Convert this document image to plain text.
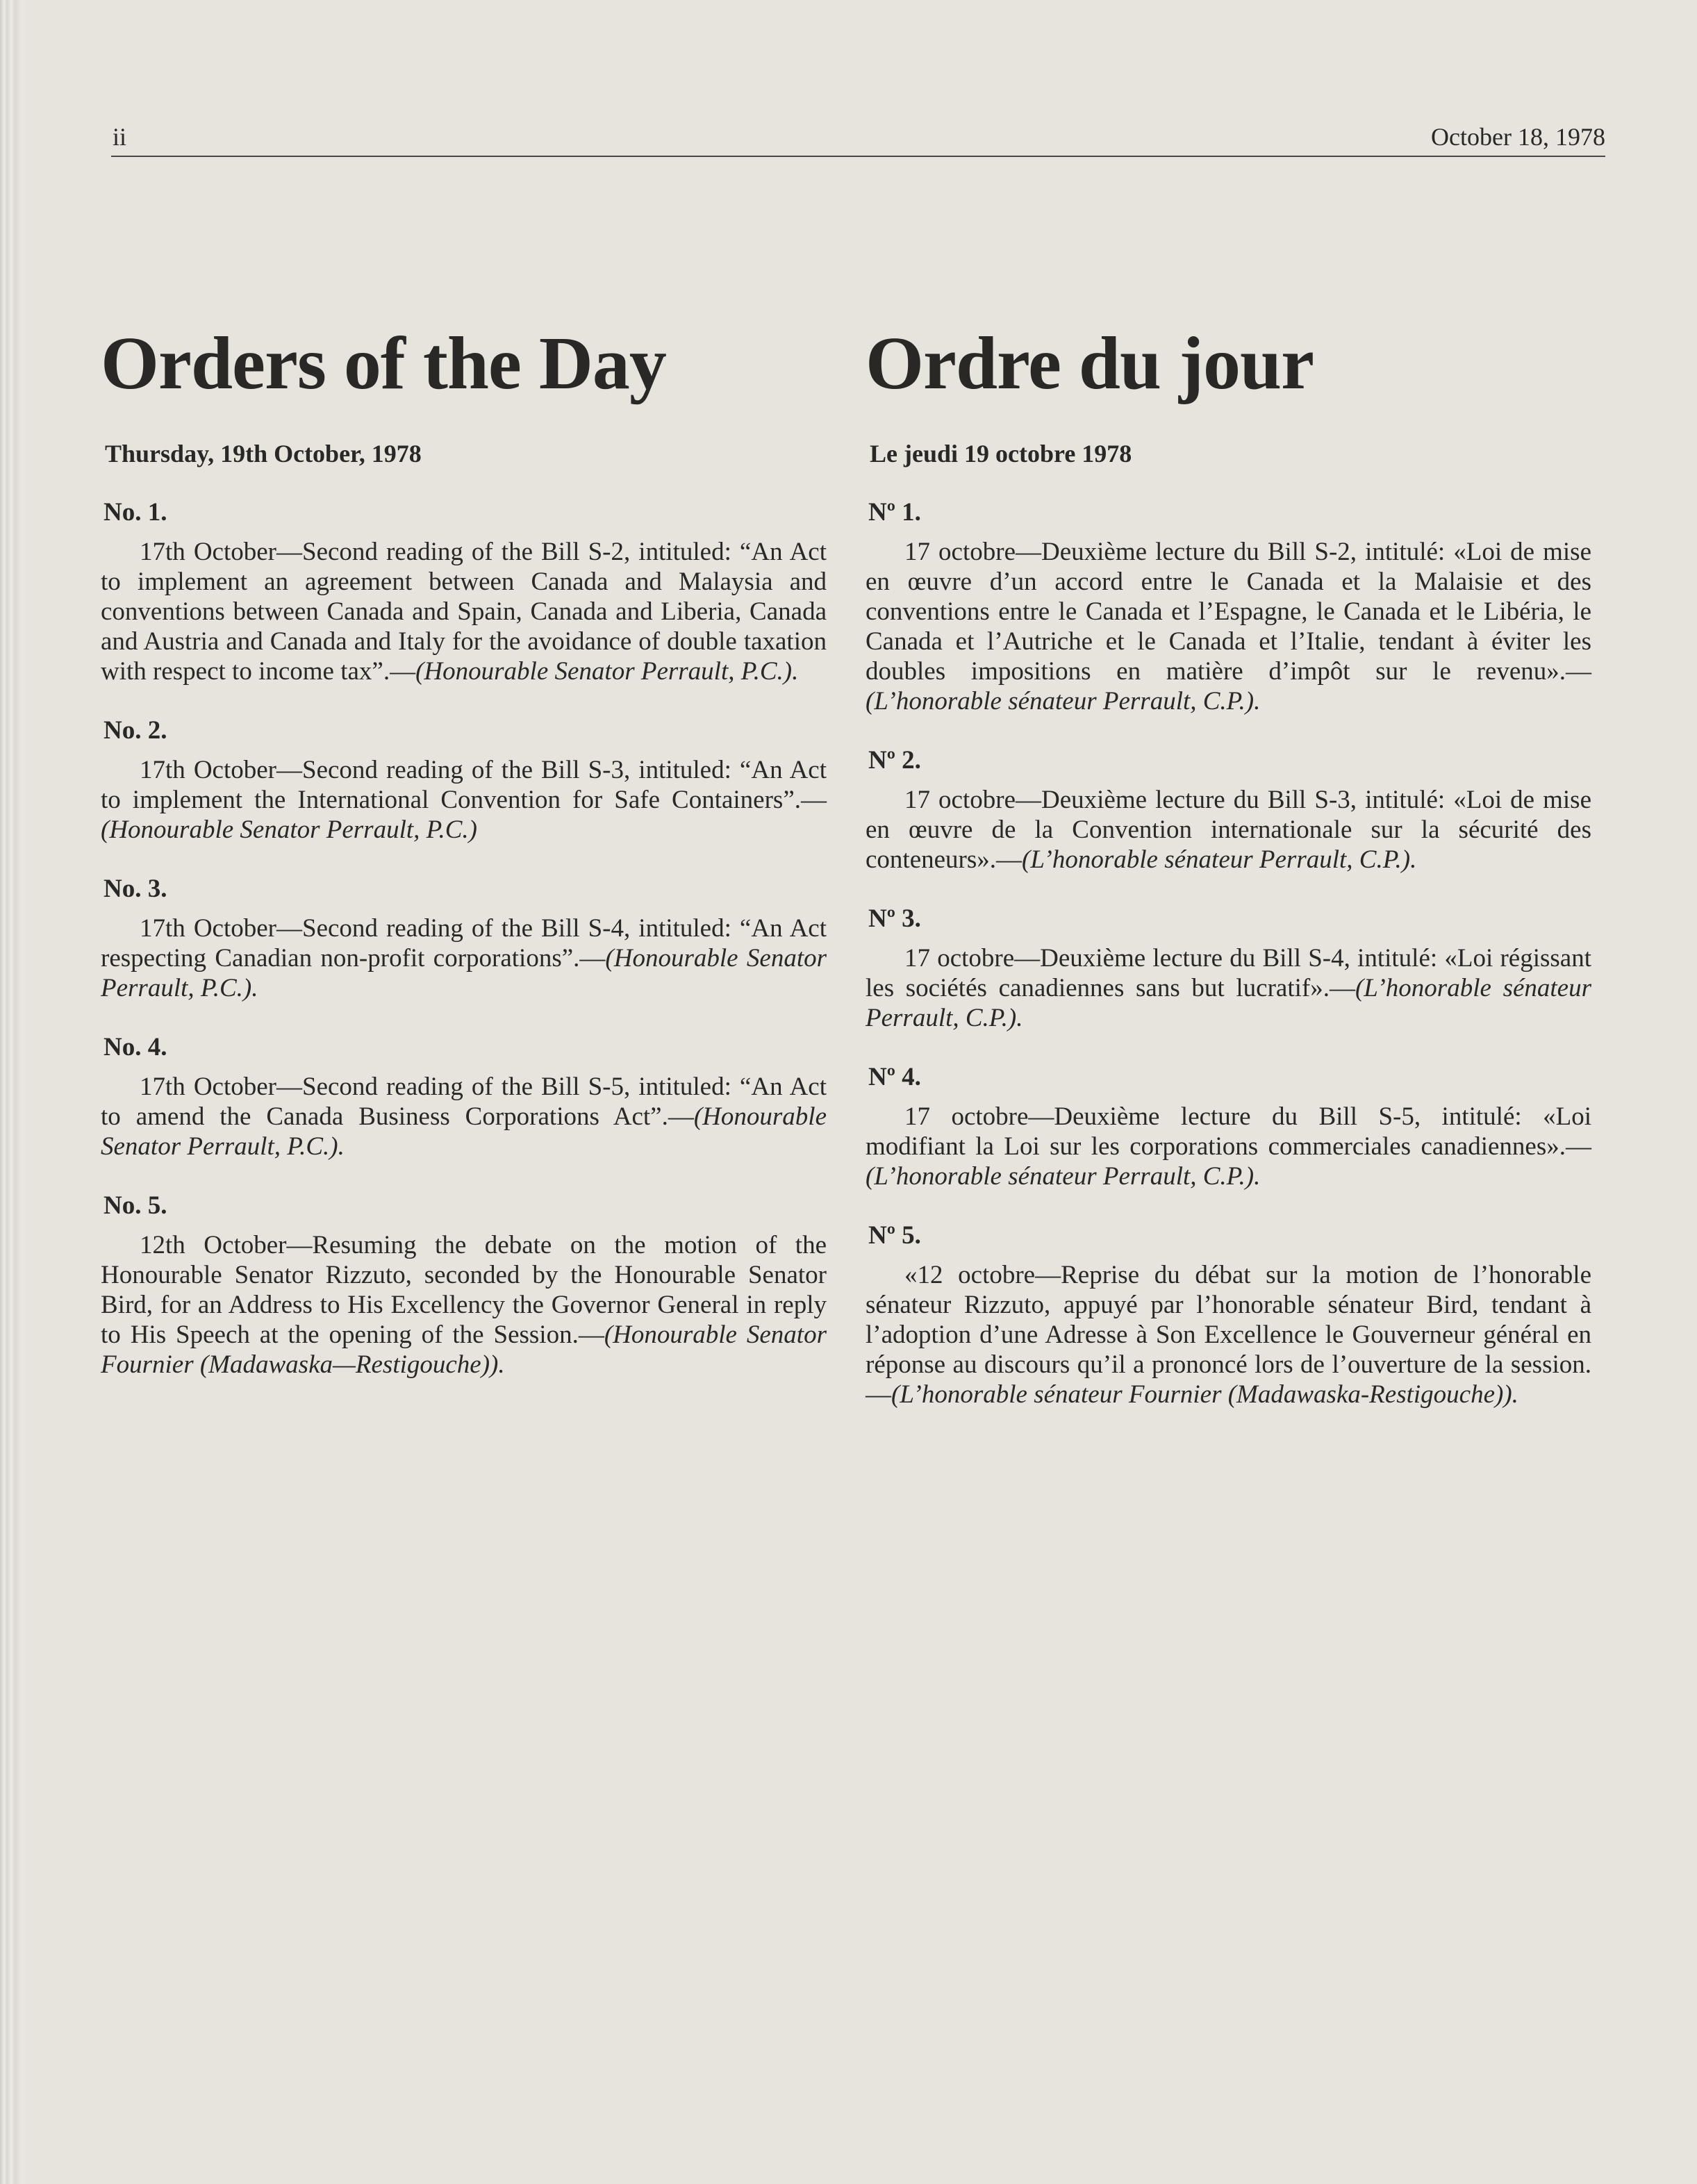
ii	October 18, 1978
Orders of the Day
Thursday, 19th October, 1978
No. 1.
17th October—Second reading of the Bill S-2, intituled: “An Act to implement an agreement between Canada and Malaysia and conventions between Canada and Spain, Canada and Liberia, Canada and Austria and Canada and Italy for the avoidance of double taxation with respect to income tax”.—(Honourable Senator Perrault, P.C.).
No. 2.
17th October—Second reading of the Bill S-3, intituled: “An Act to implement the International Convention for Safe Containers”.—(Honourable Senator Perrault, P.C.)
No. 3.
17th October—Second reading of the Bill S-4, intituled: “An Act respecting Canadian non-profit corporations”.—(Honourable Senator Perrault, P.C.).
No. 4.
17th October—Second reading of the Bill S-5, intituled: “An Act to amend the Canada Business Corporations Act”.—(Honourable Senator Perrault, P.C.).
No. 5.
12th October—Resuming the debate on the motion of the Honourable Senator Rizzuto, seconded by the Honourable Senator Bird, for an Address to His Excellency the Governor General in reply to His Speech at the opening of the Session.—(Honourable Senator Fournier (Madawaska—Restigouche)).
Ordre du jour
Le jeudi 19 octobre 1978
Nº 1.
17 octobre—Deuxième lecture du Bill S-2, intitulé: «Loi de mise en œuvre d’un accord entre le Canada et la Malaisie et des conventions entre le Canada et l’Espagne, le Canada et le Libéria, le Canada et l’Autriche et le Canada et l’Italie, tendant à éviter les doubles impositions en matière d’impôt sur le revenu».—(L’honorable sénateur Perrault, C.P.).
Nº 2.
17 octobre—Deuxième lecture du Bill S-3, intitulé: «Loi de mise en œuvre de la Convention internationale sur la sécurité des conteneurs».—(L’honorable sénateur Perrault, C.P.).
Nº 3.
17 octobre—Deuxième lecture du Bill S-4, intitulé: «Loi régissant les sociétés canadiennes sans but lucratif».—(L’honorable sénateur Perrault, C.P.).
Nº 4.
17 octobre—Deuxième lecture du Bill S-5, intitulé: «Loi modifiant la Loi sur les corporations commerciales canadiennes».—(L’honorable sénateur Perrault, C.P.).
Nº 5.
«12 octobre—Reprise du débat sur la motion de l’honorable sénateur Rizzuto, appuyé par l’honorable sénateur Bird, tendant à l’adoption d’une Adresse à Son Excellence le Gouverneur général en réponse au discours qu’il a prononcé lors de l’ouverture de la session.—(L’honorable sénateur Fournier (Madawaska-Restigouche)).
